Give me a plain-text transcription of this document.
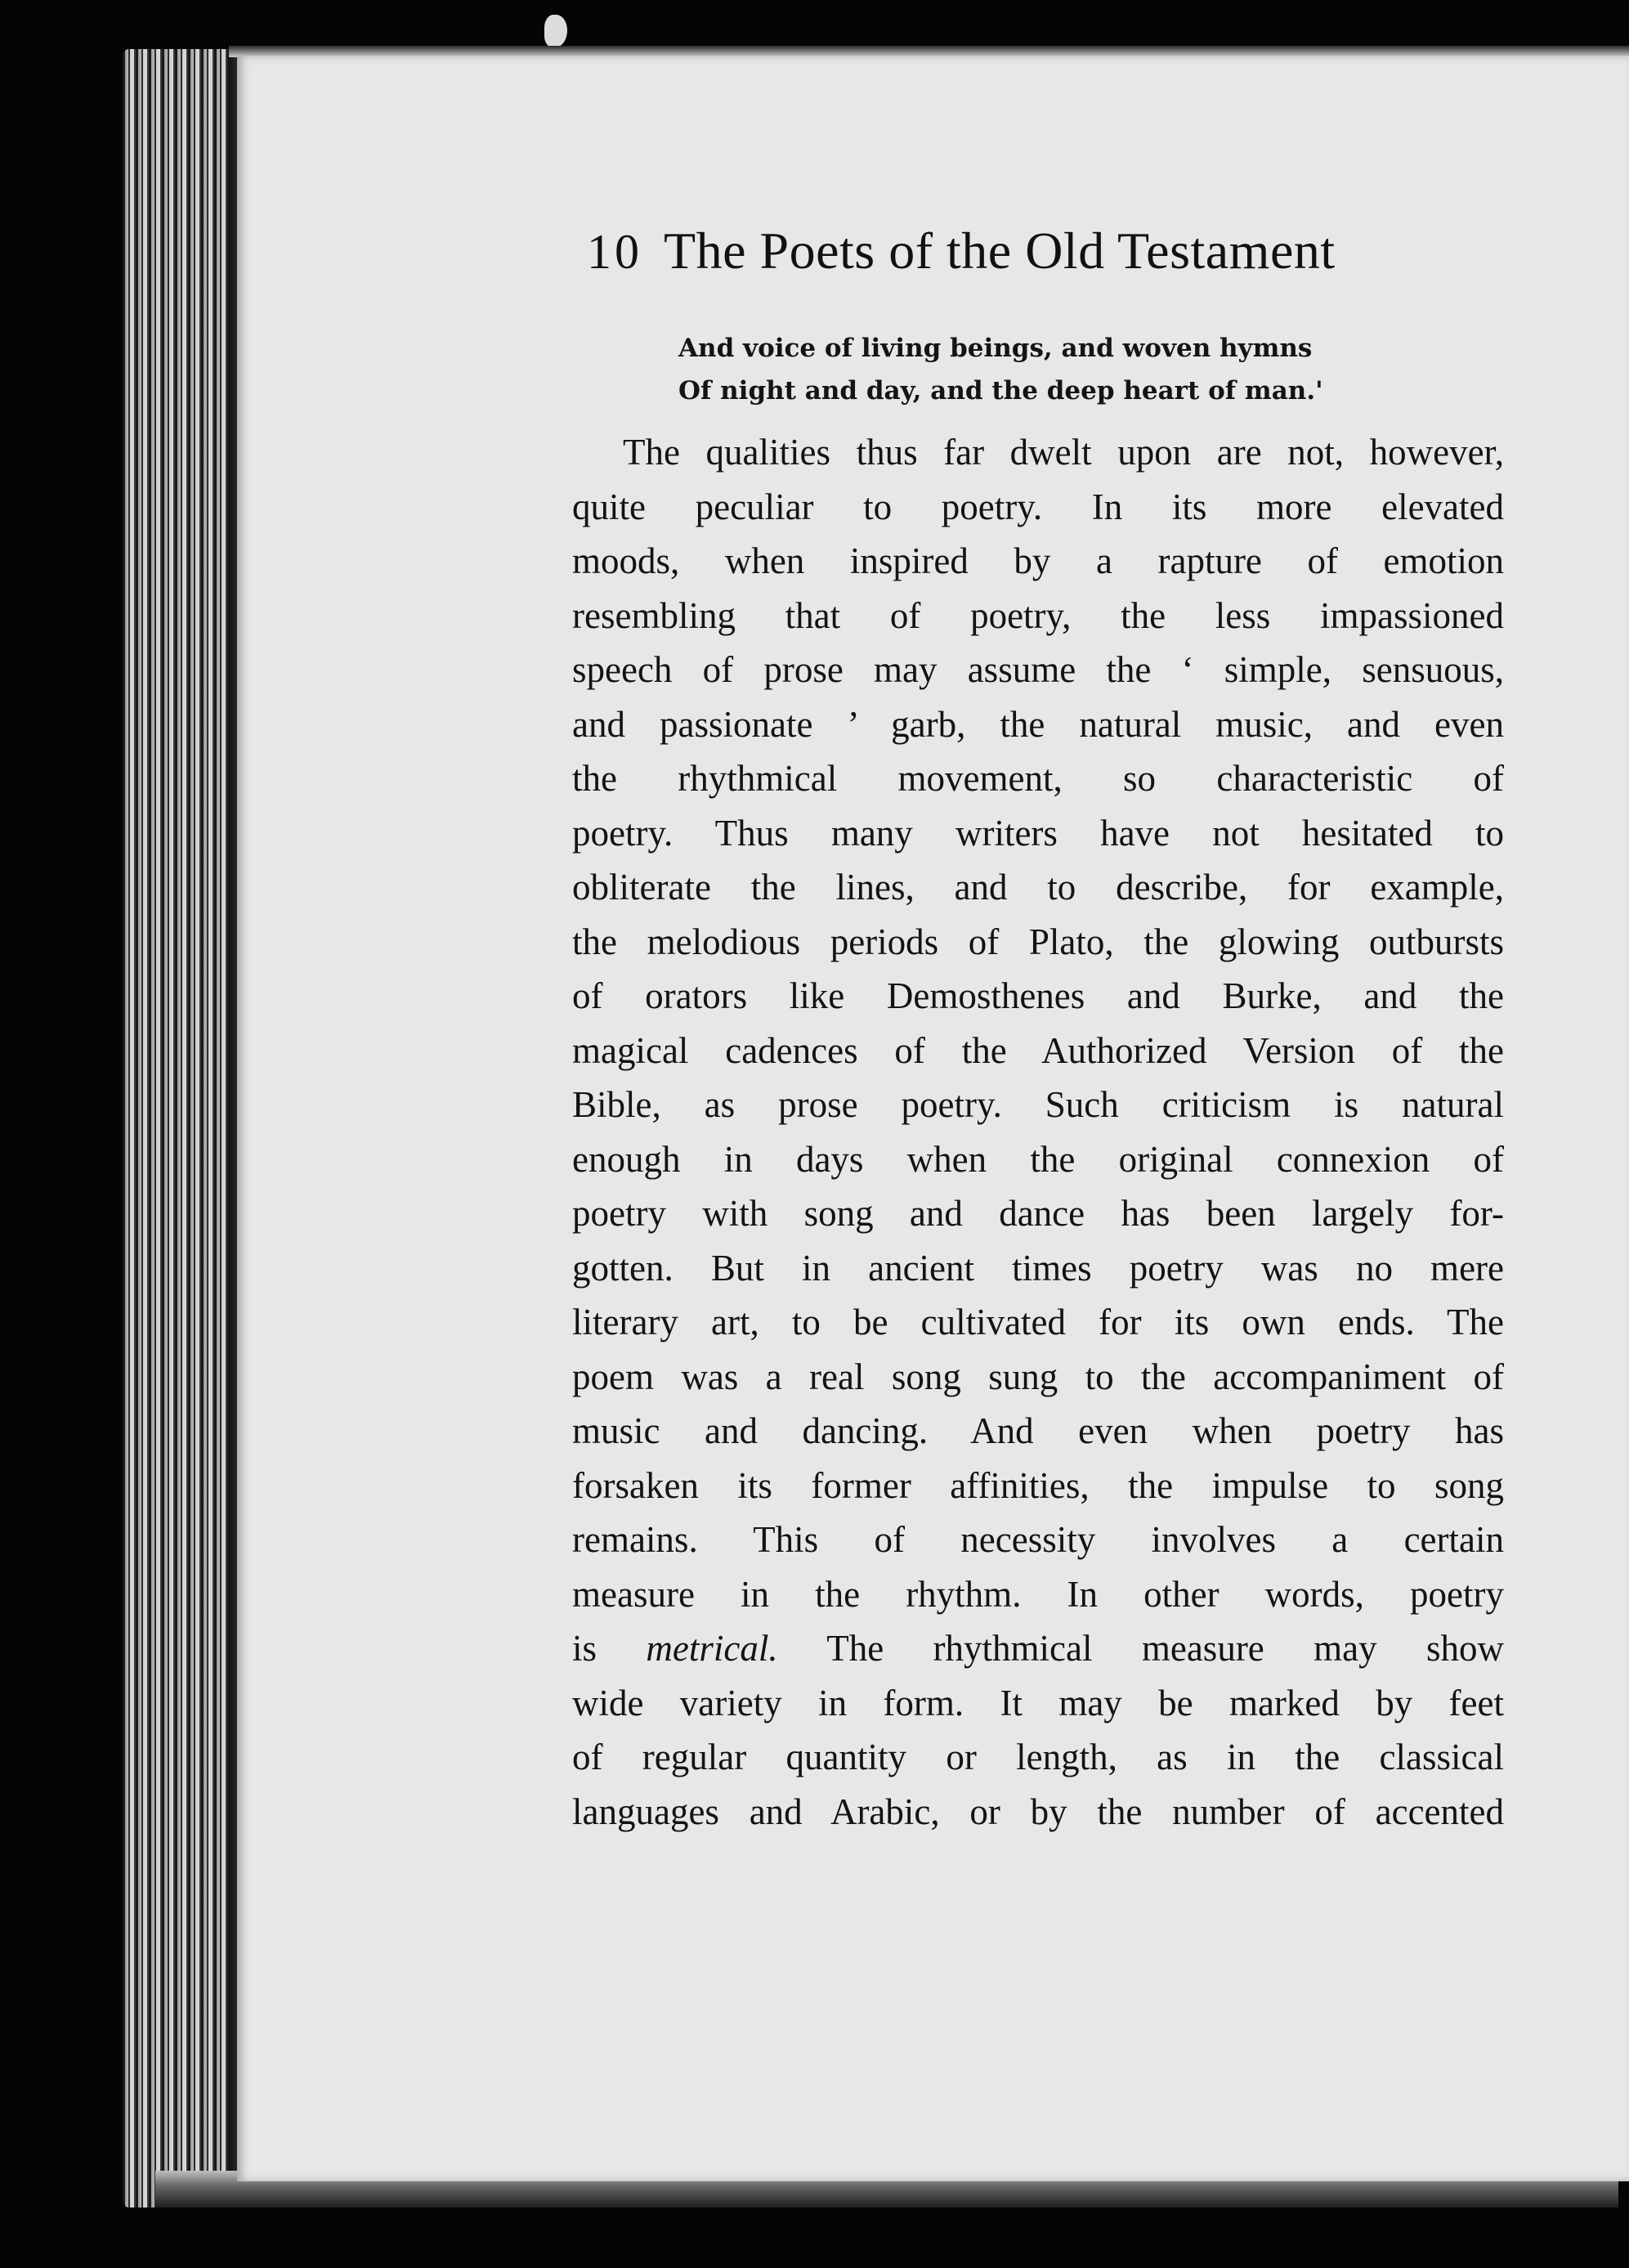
10 The Poets of the Old Testament
And voice of living beings, and woven hymns
Of night and day, and the deep heart of man.'
The qualities thus far dwelt upon are not, however,
quite peculiar to poetry. In its more elevated
moods, when inspired by a rapture of emotion
resembling that of poetry, the less impassioned
speech of prose may assume the ‘ simple, sensuous,
and passionate ’ garb, the natural music, and even
the rhythmical movement, so characteristic of
poetry. Thus many writers have not hesitated to
obliterate the lines, and to describe, for example,
the melodious periods of Plato, the glowing outbursts
of orators like Demosthenes and Burke, and the
magical cadences of the Authorized Version of the
Bible, as prose poetry. Such criticism is natural
enough in days when the original connexion of
poetry with song and dance has been largely for-
gotten. But in ancient times poetry was no mere
literary art, to be cultivated for its own ends. The
poem was a real song sung to the accompaniment of
music and dancing. And even when poetry has
forsaken its former affinities, the impulse to song
remains. This of necessity involves a certain
measure in the rhythm. In other words, poetry
is metrical. The rhythmical measure may show
wide variety in form. It may be marked by feet
of regular quantity or length, as in the classical
languages and Arabic, or by the number of accented
